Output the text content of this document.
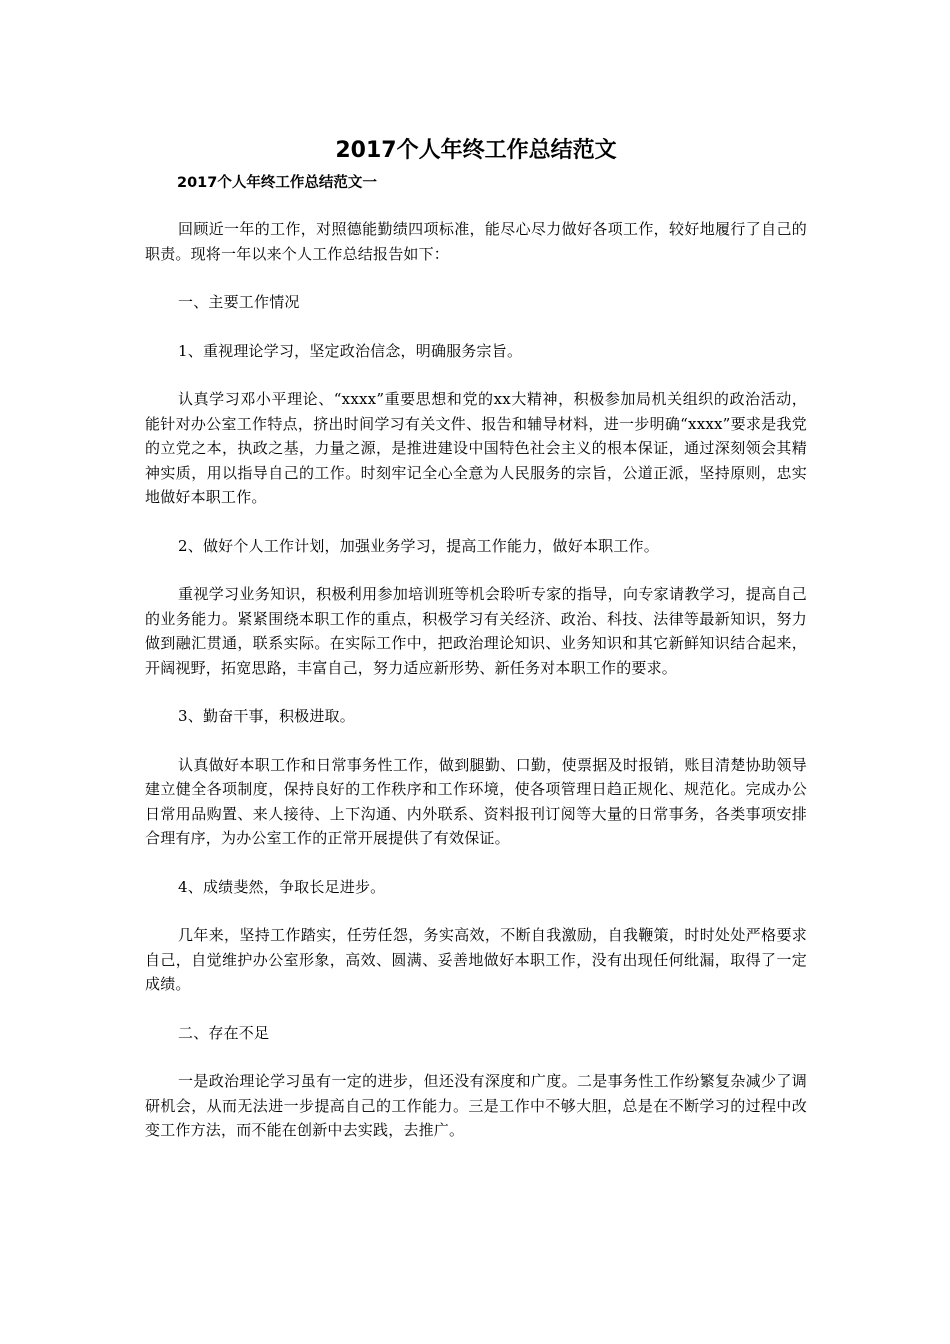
2017个人年终工作总结范文
2017个人年终工作总结范文一

回顾近一年的工作，对照德能勤绩四项标准，能尽心尽力做好各项工作，较好地履行了自己的职责。现将一年以来个人工作总结报告如下：

一、主要工作情况

1、重视理论学习，坚定政治信念，明确服务宗旨。

认真学习邓小平理论、“xxxx”重要思想和党的xx大精神，积极参加局机关组织的政治活动，能针对办公室工作特点，挤出时间学习有关文件、报告和辅导材料，进一步明确“xxxx”要求是我党的立党之本，执政之基，力量之源，是推进建设中国特色社会主义的根本保证，通过深刻领会其精神实质，用以指导自己的工作。时刻牢记全心全意为人民服务的宗旨，公道正派，坚持原则，忠实地做好本职工作。

2、做好个人工作计划，加强业务学习，提高工作能力，做好本职工作。

重视学习业务知识，积极利用参加培训班等机会聆听专家的指导，向专家请教学习，提高自己的业务能力。紧紧围绕本职工作的重点，积极学习有关经济、政治、科技、法律等最新知识，努力做到融汇贯通，联系实际。在实际工作中，把政治理论知识、业务知识和其它新鲜知识结合起来，开阔视野，拓宽思路，丰富自己，努力适应新形势、新任务对本职工作的要求。

3、勤奋干事，积极进取。

认真做好本职工作和日常事务性工作，做到腿勤、口勤，使票据及时报销，账目清楚协助领导建立健全各项制度，保持良好的工作秩序和工作环境，使各项管理日趋正规化、规范化。完成办公日常用品购置、来人接待、上下沟通、内外联系、资料报刊订阅等大量的日常事务，各类事项安排合理有序，为办公室工作的正常开展提供了有效保证。

4、成绩斐然，争取长足进步。

几年来，坚持工作踏实，任劳任怨，务实高效，不断自我激励，自我鞭策，时时处处严格要求自己，自觉维护办公室形象，高效、圆满、妥善地做好本职工作，没有出现任何纰漏，取得了一定成绩。

二、存在不足

一是政治理论学习虽有一定的进步，但还没有深度和广度。二是事务性工作纷繁复杂减少了调研机会，从而无法进一步提高自己的工作能力。三是工作中不够大胆，总是在不断学习的过程中改变工作方法，而不能在创新中去实践，去推广。
